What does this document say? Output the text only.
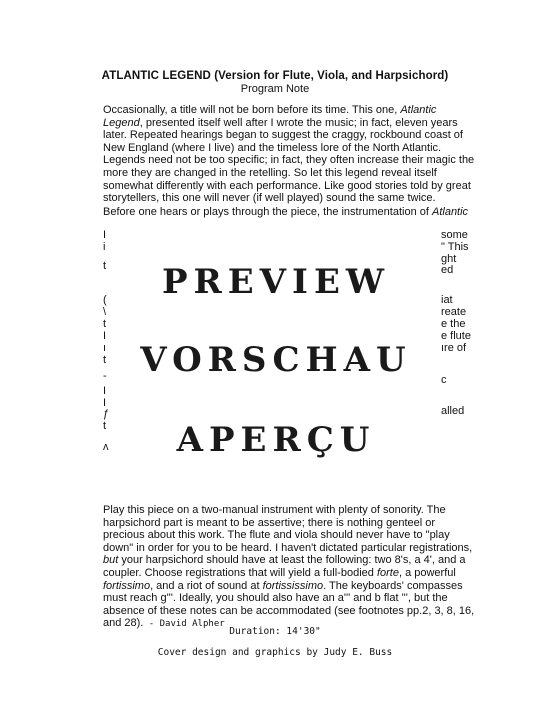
ATLANTIC LEGEND (Version for Flute, Viola, and Harpsichord)
Program Note

Occasionally, a title will not be born before its time. This one, Atlantic Legend, presented itself well after I wrote the music; in fact, eleven years later. Repeated hearings began to suggest the craggy, rockbound coast of New England (where I live) and the timeless lore of the North Atlantic. Legends need not be too specific; in fact, they often increase their magic the more they are changed in the retelling. So let this legend reveal itself somewhat differently with each performance. Like good stories told by great storytellers, this one will never (if well played) sound the same twice.

Before one hears or plays through the piece, the instrumentation of Atlantic

some
" This
ght
ed
iat
reate
e the
e flute
ıre of
c
alled
I
i
t
(
\
t
I
ı
t
-
I
I
ƒ
t
ʌ
PREVIEW
VORSCHAU
APERÇU

Play this piece on a two-manual instrument with plenty of sonority. The harpsichord part is meant to be assertive; there is nothing genteel or precious about this work. The flute and viola should never have to "play down" in order for you to be heard. I haven't dictated particular registrations, but your harpsichord should have at least the following: two 8's, a 4', and a coupler. Choose registrations that will yield a full-bodied forte, a powerful fortissimo, and a riot of sound at fortississimo. The keyboards' compasses must reach g'''. Ideally, you should also have an a''' and b flat ''', but the absence of these notes can be accommodated (see footnotes pp.2, 3, 8, 16, and 28). - David Alpher

Duration: 14'30"
Cover design and graphics by Judy E. Buss
